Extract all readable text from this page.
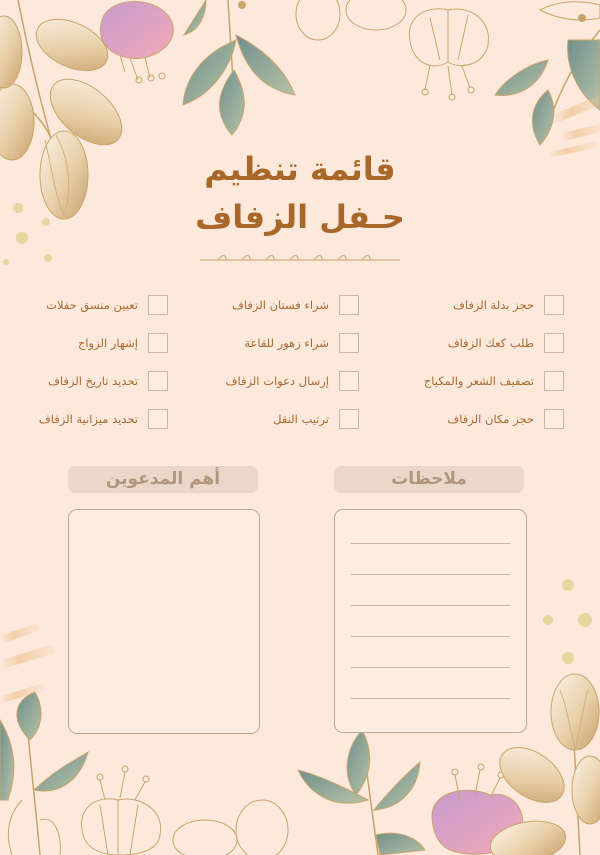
قائمة تنظيم
حـفل الزفاف
حجز بدلة الزفاف
طلب كعك الزفاف
تصفيف الشعر والمكياج
حجز مكان الزفاف
شراء فستان الزفاف
شراء زهور للقاعة
إرسال دعوات الزفاف
ترتيب النقل
تعيين منسق حفلات
إشهار الزواج
تحديد تاريخ الزفاف
تحديد ميزانية الزفاف
ملاحظات
أهم المدعوين
